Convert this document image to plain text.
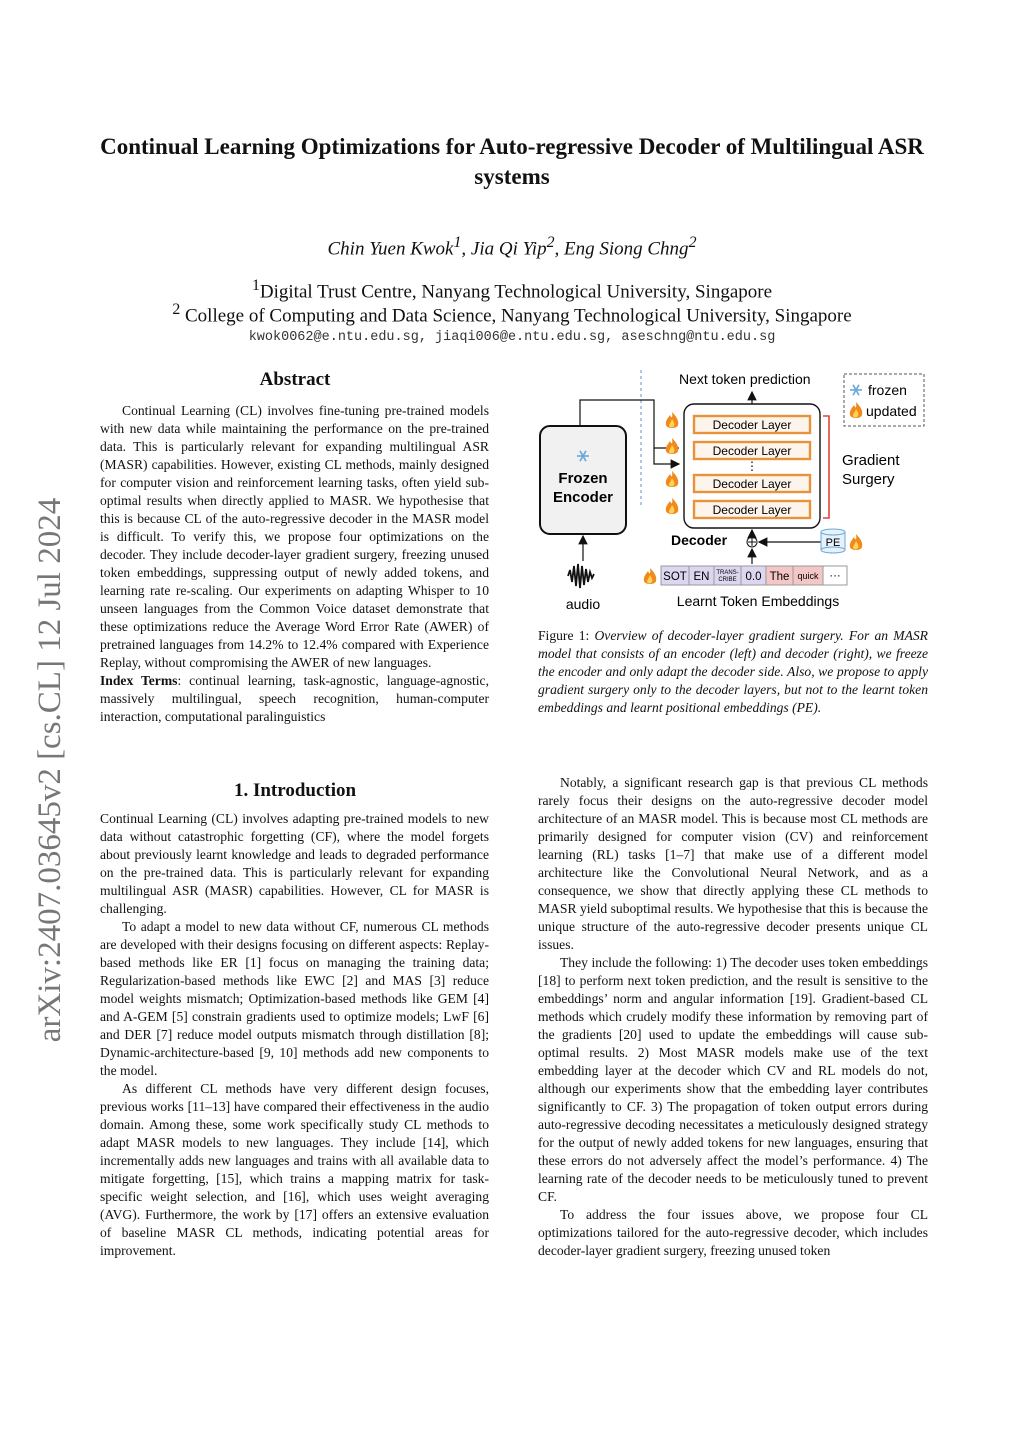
Continual Learning Optimizations for Auto-regressive Decoder of Multilingual ASR systems
Chin Yuen Kwok$^1$, Jia Qi Yip$^2$, Eng Siong Chng$^2$
$^1$Digital Trust Centre, Nanyang Technological University, Singapore
$^2$ College of Computing and Data Science, Nanyang Technological University, Singapore
kwok0062@e.ntu.edu.sg, jiaqi006@e.ntu.edu.sg, aseschng@ntu.edu.sg
arXiv:2407.03645v2 [cs.CL] 12 Jul 2024
Abstract

Continual Learning (CL) involves fine-tuning pre-trained models with new data while maintaining the performance on the pre-trained data. This is particularly relevant for expanding multilingual ASR (MASR) capabilities. However, existing CL methods, mainly designed for computer vision and reinforcement learning tasks, often yield sub-optimal results when directly applied to MASR. We hypothesise that this is because CL of the auto-regressive decoder in the MASR model is difficult. To verify this, we propose four optimizations on the decoder. They include decoder-layer gradient surgery, freezing unused token embeddings, suppressing output of newly added tokens, and learning rate re-scaling. Our experiments on adapting Whisper to 10 unseen languages from the Common Voice dataset demonstrate that these optimizations reduce the Average Word Error Rate (AWER) of pretrained languages from 14.2% to 12.4% compared with Experience Replay, without compromising the AWER of new languages.

Index Terms: continual learning, task-agnostic, language-agnostic, massively multilingual, speech recognition, human-computer interaction, computational paralinguistics

1. Introduction

Continual Learning (CL) involves adapting pre-trained models to new data without catastrophic forgetting (CF), where the model forgets about previously learnt knowledge and leads to degraded performance on the pre-trained data. This is particularly relevant for expanding multilingual ASR (MASR) capabilities. However, CL for MASR is challenging.

To adapt a model to new data without CF, numerous CL methods are developed with their designs focusing on different aspects: Replay-based methods like ER [1] focus on managing the training data; Regularization-based methods like EWC [2] and MAS [3] reduce model weights mismatch; Optimization-based methods like GEM [4] and A-GEM [5] constrain gradients used to optimize models; LwF [6] and DER [7] reduce model outputs mismatch through distillation [8]; Dynamic-architecture-based [9, 10] methods add new components to the model.

As different CL methods have very different design focuses, previous works [11–13] have compared their effectiveness in the audio domain. Among these, some work specifically study CL methods to adapt MASR models to new languages. They include [14], which incrementally adds new languages and trains with all available data to mitigate forgetting, [15], which trains a mapping matrix for task-specific weight selection, and [16], which uses weight averaging (AVG). Furthermore, the work by [17] offers an extensive evaluation of baseline MASR CL methods, indicating potential areas for improvement.

Next token prediction
frozen
updated
Frozen
Encoder
Decoder Layer
Decoder Layer
⋮
Decoder Layer
Decoder Layer
Gradient
Surgery
Decoder	PE
audio
SOT EN TRANS-
CRIBE 0.0 The quick ···
Learnt Token Embeddings
Figure 1: Overview of decoder-layer gradient surgery. For an MASR model that consists of an encoder (left) and decoder (right), we freeze the encoder and only adapt the decoder side. Also, we propose to apply gradient surgery only to the decoder layers, but not to the learnt token embeddings and learnt positional embeddings (PE).

Notably, a significant research gap is that previous CL methods rarely focus their designs on the auto-regressive decoder model architecture of an MASR model. This is because most CL methods are primarily designed for computer vision (CV) and reinforcement learning (RL) tasks [1–7] that make use of a different model architecture like the Convolutional Neural Network, and as a consequence, we show that directly applying these CL methods to MASR yield suboptimal results. We hypothesise that this is because the unique structure of the auto-regressive decoder presents unique CL issues.

They include the following: 1) The decoder uses token embeddings [18] to perform next token prediction, and the result is sensitive to the embeddings’ norm and angular information [19]. Gradient-based CL methods which crudely modify these information by removing part of the gradients [20] used to update the embeddings will cause sub-optimal results. 2) Most MASR models make use of the text embedding layer at the decoder which CV and RL models do not, although our experiments show that the embedding layer contributes significantly to CF. 3) The propagation of token output errors during auto-regressive decoding necessitates a meticulously designed strategy for the output of newly added tokens for new languages, ensuring that these errors do not adversely affect the model’s performance. 4) The learning rate of the decoder needs to be meticulously tuned to prevent CF.

To address the four issues above, we propose four CL optimizations tailored for the auto-regressive decoder, which includes decoder-layer gradient surgery, freezing unused token
